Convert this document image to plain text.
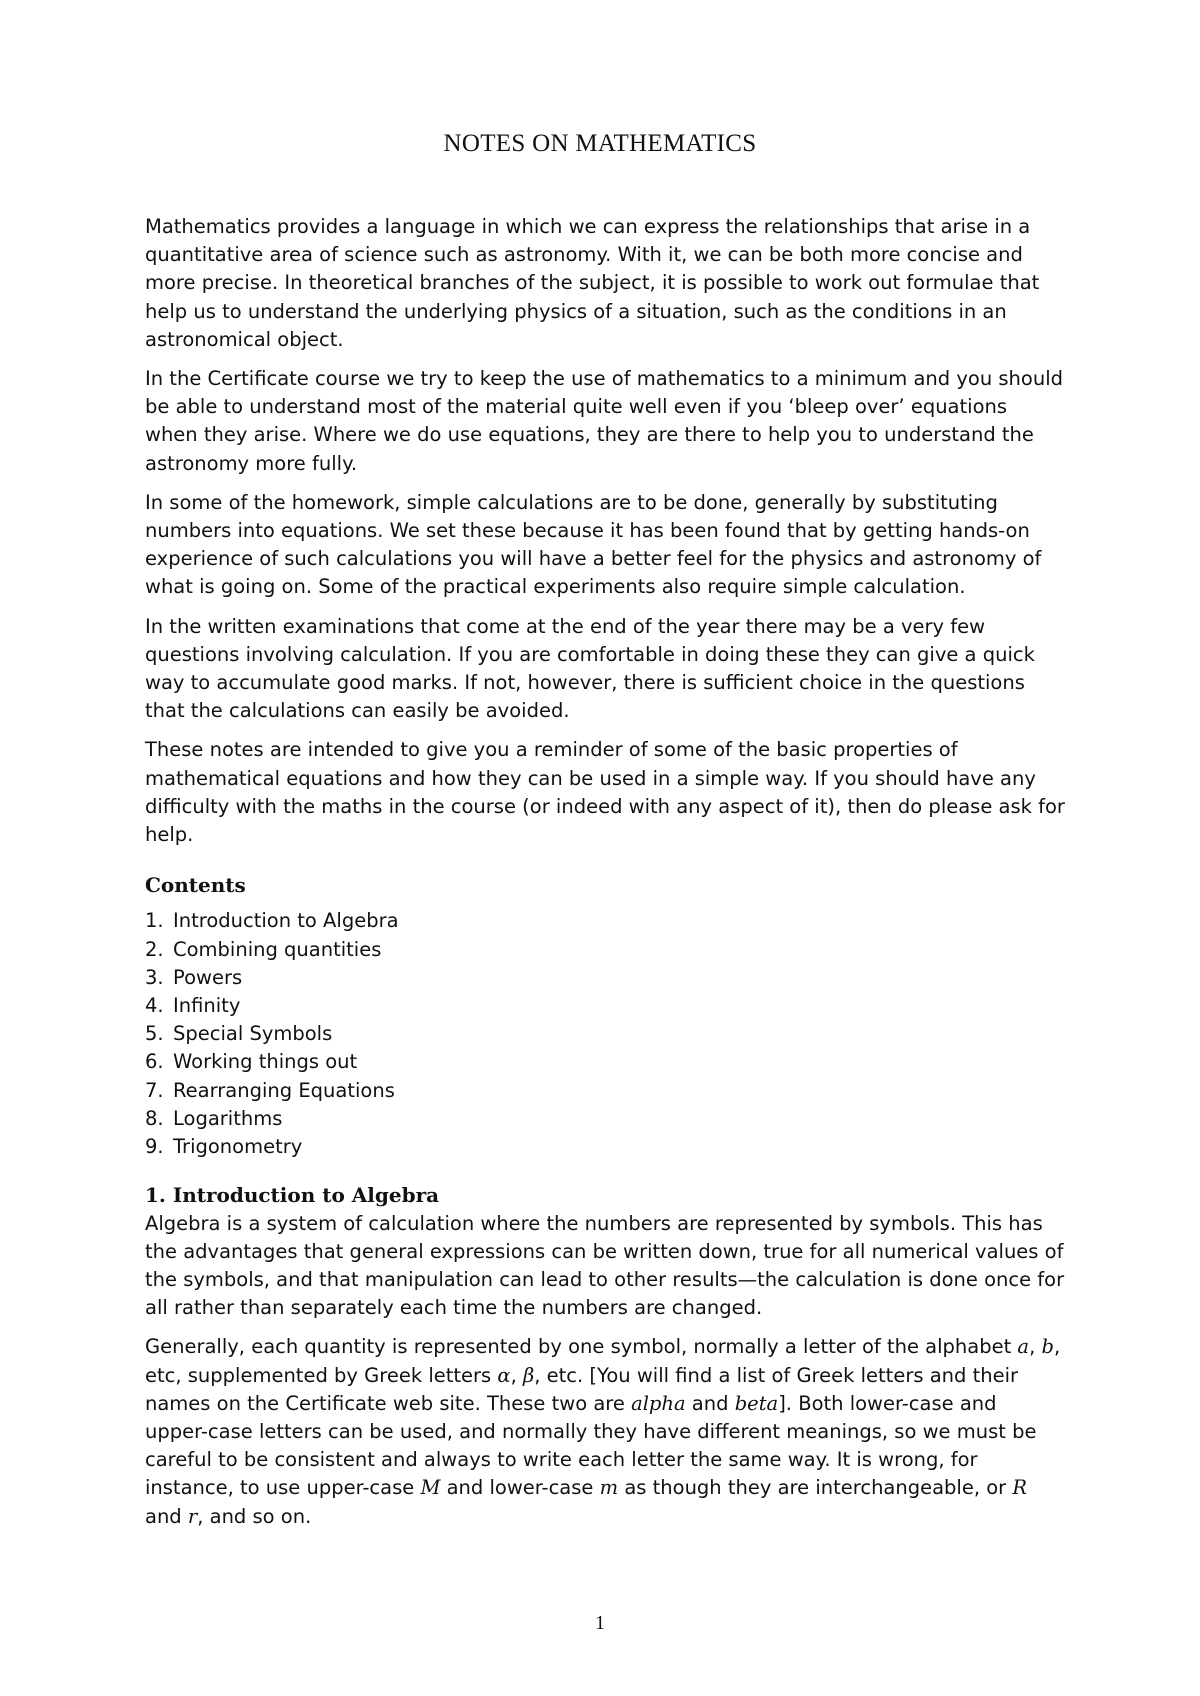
NOTES ON MATHEMATICS

Mathematics provides a language in which we can express the relationships that arise in a quantitative area of science such as astronomy. With it, we can be both more concise and more precise. In theoretical branches of the subject, it is possible to work out formulae that help us to understand the underlying physics of a situation, such as the conditions in an astronomical object.

In the Certificate course we try to keep the use of mathematics to a minimum and you should be able to understand most of the material quite well even if you ‘bleep over’ equations when they arise. Where we do use equations, they are there to help you to understand the astronomy more fully.

In some of the homework, simple calculations are to be done, generally by substituting numbers into equations. We set these because it has been found that by getting hands-on experience of such calculations you will have a better feel for the physics and astronomy of what is going on. Some of the practical experiments also require simple calculation.

In the written examinations that come at the end of the year there may be a very few questions involving calculation. If you are comfortable in doing these they can give a quick way to accumulate good marks. If not, however, there is sufficient choice in the questions that the calculations can easily be avoided.

These notes are intended to give you a reminder of some of the basic properties of mathematical equations and how they can be used in a simple way. If you should have any difficulty with the maths in the course (or indeed with any aspect of it), then do please ask for help.

Contents
1. Introduction to Algebra
2. Combining quantities
3. Powers
4. Infinity
5. Special Symbols
6. Working things out
7. Rearranging Equations
8. Logarithms
9. Trigonometry
1. Introduction to Algebra

Algebra is a system of calculation where the numbers are represented by symbols. This has the advantages that general expressions can be written down, true for all numerical values of the symbols, and that manipulation can lead to other results—the calculation is done once for all rather than separately each time the numbers are changed.

Generally, each quantity is represented by one symbol, normally a letter of the alphabet a, b, etc, supplemented by Greek letters α, β, etc. [You will find a list of Greek letters and their names on the Certificate web site. These two are alpha and beta]. Both lower-case and upper-case letters can be used, and normally they have different meanings, so we must be careful to be consistent and always to write each letter the same way. It is wrong, for instance, to use upper-case M and lower-case m as though they are interchangeable, or R and r, and so on.

1
